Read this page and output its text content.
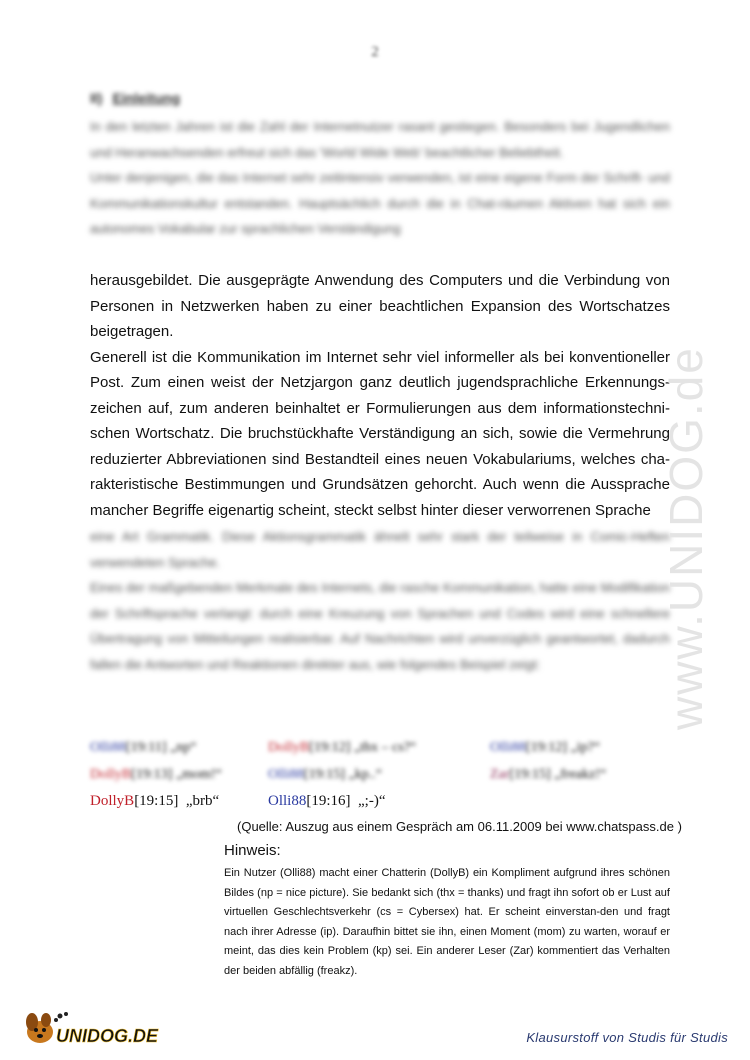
2
II) Einleitung
In den letzten Jahren ist die Zahl der Internetnutzer rasant gestiegen. Besonders bei Jugendlichen und Heranwachsenden erfreut sich das 'World Wide Web' beachtlicher Beliebtheit.
Unter denjenigen, die das Internet sehr zeitintensiv verwenden, ist eine eigene Form der Schrift- und Kommunikationskultur entstanden. Hauptsächlich durch die in Chat-räumen Aktiven hat sich ein autonomes Vokabular zur sprachlichen Verständigung
herausgebildet. Die ausgeprägte Anwendung des Computers und die Verbindung von Personen in Netzwerken haben zu einer beachtlichen Expansion des Wortschatzes beigetragen.
Generell ist die Kommunikation im Internet sehr viel informeller als bei konventioneller Post. Zum einen weist der Netzjargon ganz deutlich jugendsprachliche Erkennungs-zeichen auf, zum anderen beinhaltet er Formulierungen aus dem informationstechni-schen Wortschatz. Die bruchstückhafte Verständigung an sich, sowie die Vermehrung reduzierter Abbreviationen sind Bestandteil eines neuen Vokabulariums, welches cha-rakteristische Bestimmungen und Grundsätzen gehorcht. Auch wenn die Aussprache mancher Begriffe eigenartig scheint, steckt selbst hinter dieser verworrenen Sprache
eine Art Grammatik. Diese Aktionsgrammatik ähnelt sehr stark der teilweise in Comic-Heften verwendeten Sprache.
Eines der maßgebenden Merkmale des Internets, die rasche Kommunikation, hatte eine Modifikation der Schriftsprache verlangt: durch eine Kreuzung von Sprachen und Codes wird eine schnellere Übertragung von Mitteilungen realisierbar. Auf Nachrichten wird unverzüglich geantwortet, dadurch fallen die Antworten und Reaktionen direkter aus, wie folgendes Beispiel zeigt:
Olli88[19:11] „np“	DollyB[19:12] „thx – cs?“	Olli88[19:12] „ip?“
DollyB[19:13] „mom!“	Olli88[19:15] „kp..“	Zar[19:15] „freakz!“
DollyB[19:15] „brb“	Olli88[19:16] „;-)“
(Quelle: Auszug aus einem Gespräch am 06.11.2009 bei www.chatspass.de )
Hinweis:
Ein Nutzer (Olli88) macht einer Chatterin (DollyB) ein Kompliment aufgrund ihres schönen Bildes (np = nice picture). Sie bedankt sich (thx = thanks) und fragt ihn sofort ob er Lust auf virtuellen Geschlechtsverkehr (cs = Cybersex) hat. Er scheint einverstan-den und fragt nach ihrer Adresse (ip). Daraufhin bittet sie ihn, einen Moment (mom) zu warten, worauf er meint, das dies kein Problem (kp) sei. Ein anderer Leser (Zar) kommentiert das Verhalten der beiden abfällig (freakz).
www.UNIDOG.de
UNIDOG.DE	Klausurstoff von Studis für Studis
